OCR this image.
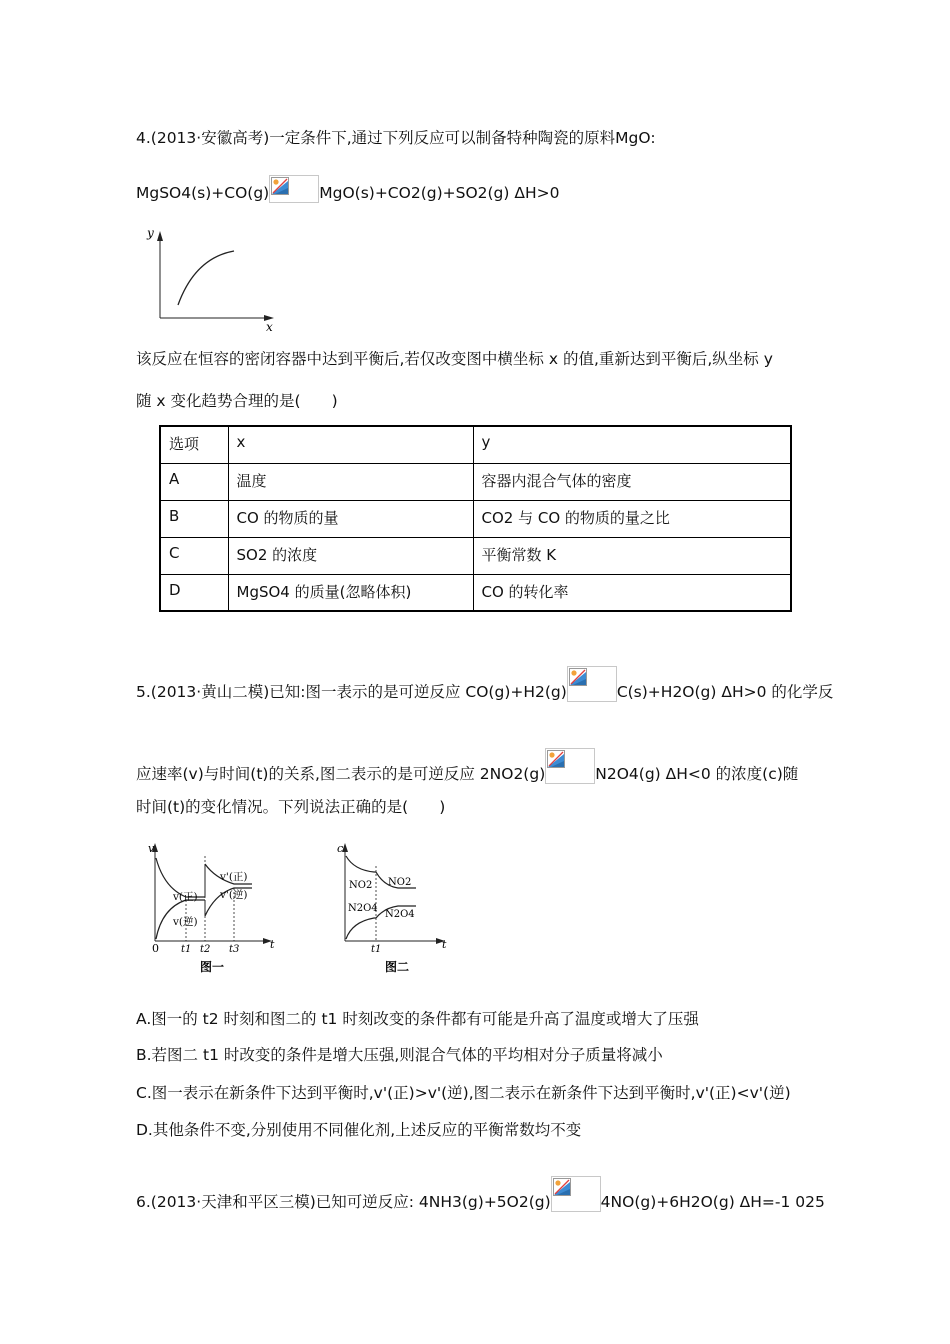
4.(2013·安徽高考)一定条件下,通过下列反应可以制备特种陶瓷的原料MgO:
MgSO4(s)+CO(g)	MgO(s)+CO2(g)+SO2(g) ΔH>0
y
x
该反应在恒容的密闭容器中达到平衡后,若仅改变图中横坐标 x 的值,重新达到平衡后,纵坐标 y
随 x 变化趋势合理的是(　　)
选项	x	y
A	温度	容器内混合气体的密度
B	CO 的物质的量	CO2 与 CO 的物质的量之比
C	SO2 的浓度	平衡常数 K
D	MgSO4 的质量(忽略体积)	CO 的转化率
5.(2013·黄山二模)已知:图一表示的是可逆反应 CO(g)+H2(g)	C(s)+H2O(g) ΔH>0 的化学反
应速率(v)与时间(t)的关系,图二表示的是可逆反应 2NO2(g)	N2O4(g) ΔH<0 的浓度(c)随
时间(t)的变化情况。下列说法正确的是(　　)
v
t
0 t1 t2 t3
v(正)
v(逆)
v'(正)
v'(逆)
图一
c
t
t1
NO2 NO2
N2O4
N2O4
图二
A.图一的 t2 时刻和图二的 t1 时刻改变的条件都有可能是升高了温度或增大了压强
B.若图二 t1 时改变的条件是增大压强,则混合气体的平均相对分子质量将减小
C.图一表示在新条件下达到平衡时,v'(正)>v'(逆),图二表示在新条件下达到平衡时,v'(正)<v'(逆)
D.其他条件不变,分别使用不同催化剂,上述反应的平衡常数均不变
6.(2013·天津和平区三模)已知可逆反应: 4NH3(g)+5O2(g)	4NO(g)+6H2O(g) ΔH=-1 025
